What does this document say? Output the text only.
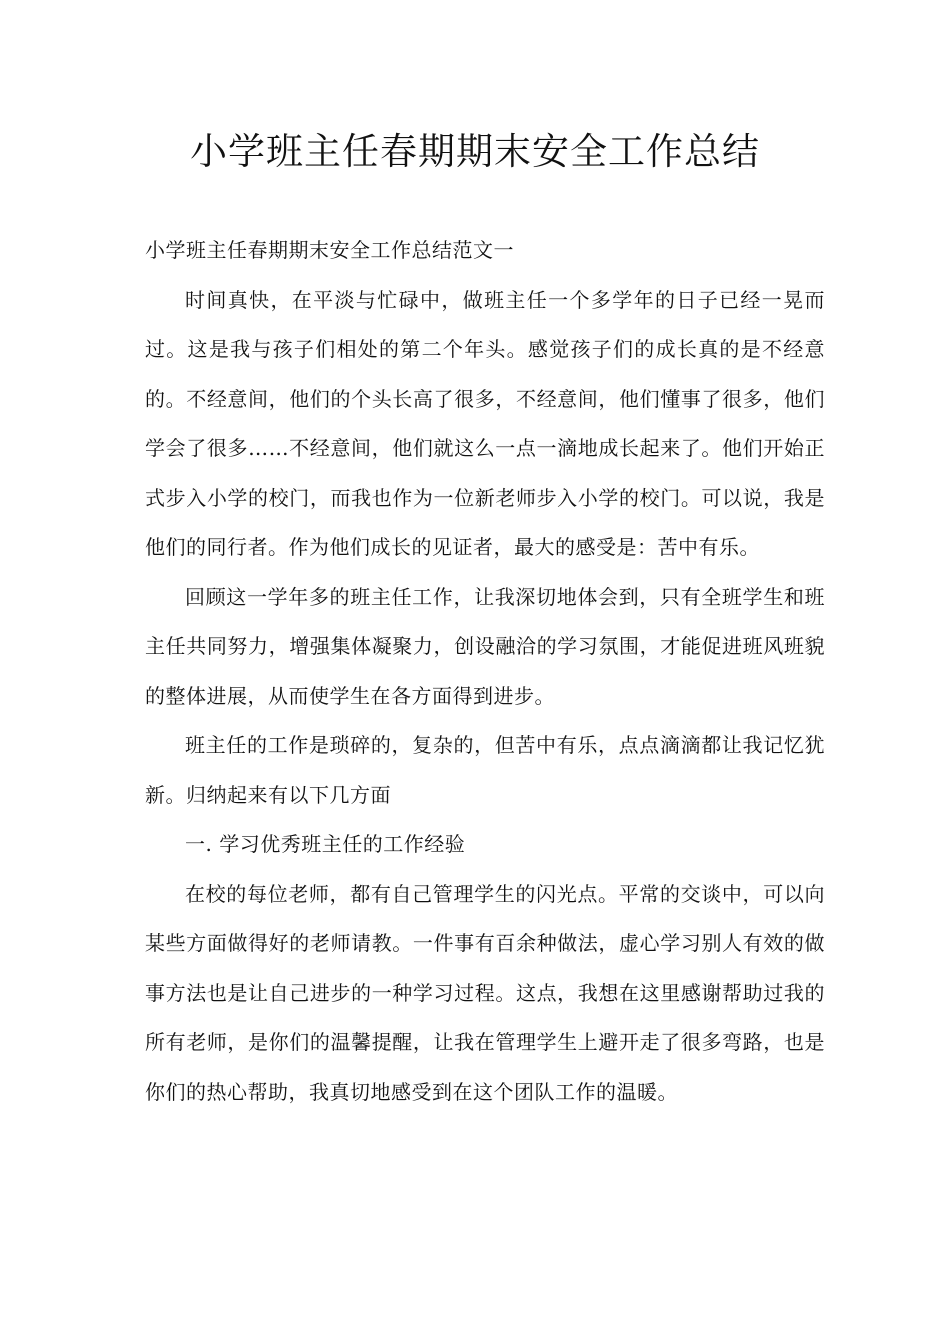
小学班主任春期期末安全工作总结

小学班主任春期期末安全工作总结范文一

时间真快，在平淡与忙碌中，做班主任一个多学年的日子已经一晃而过。这是我与孩子们相处的第二个年头。感觉孩子们的成长真的是不经意的。不经意间，他们的个头长高了很多，不经意间，他们懂事了很多，他们学会了很多……不经意间，他们就这么一点一滴地成长起来了。他们开始正式步入小学的校门，而我也作为一位新老师步入小学的校门。可以说，我是他们的同行者。作为他们成长的见证者，最大的感受是：苦中有乐。

回顾这一学年多的班主任工作，让我深切地体会到，只有全班学生和班主任共同努力，增强集体凝聚力，创设融洽的学习氛围，才能促进班风班貌的整体进展，从而使学生在各方面得到进步。

班主任的工作是琐碎的，复杂的，但苦中有乐，点点滴滴都让我记忆犹新。归纳起来有以下几方面

一. 学习优秀班主任的工作经验

在校的每位老师，都有自己管理学生的闪光点。平常的交谈中，可以向某些方面做得好的老师请教。一件事有百余种做法，虚心学习别人有效的做事方法也是让自己进步的一种学习过程。这点，我想在这里感谢帮助过我的所有老师，是你们的温馨提醒，让我在管理学生上避开走了很多弯路，也是你们的热心帮助，我真切地感受到在这个团队工作的温暖。
